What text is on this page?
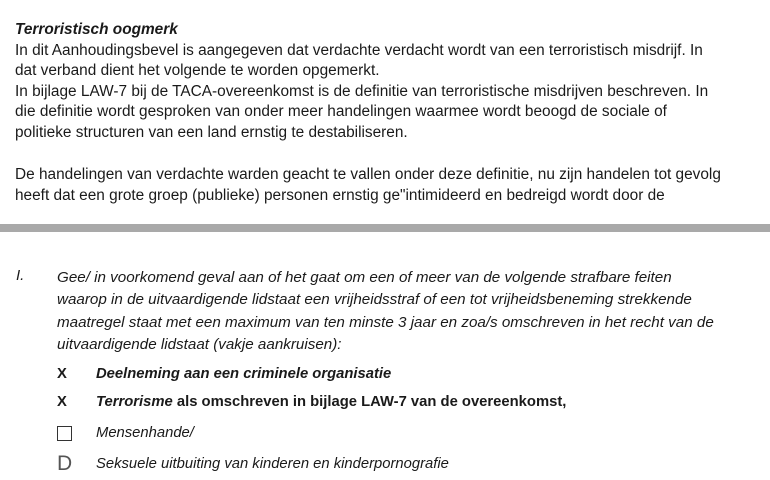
Terroristisch oogmerk
In dit Aanhoudingsbevel is aangegeven dat verdachte verdacht wordt van een terroristisch misdrijf. In
dat verband dient het volgende te worden opgemerkt.
In bijlage LAW-7 bij de TACA-overeenkomst is de definitie van terroristische misdrijven beschreven. In
die definitie wordt gesproken van onder meer handelingen waarmee wordt beoogd de sociale of
politieke structuren van een land ernstig te destabiliseren.
De handelingen van verdachte warden geacht te vallen onder deze definitie, nu zijn handelen tot gevolg
heeft dat een grote groep (publieke) personen ernstig ge"intimideerd en bedreigd wordt door de
I. Gee/ in voorkomend geval aan of het gaat om een of meer van de volgende strafbare feiten
waarop in de uitvaardigende lidstaat een vrijheidsstraf of een tot vrijheidsbeneming strekkende
maatregel staat met een maximum van ten minste 3 jaar en zoa/s omschreven in het recht van de
uitvaardigende lidstaat (vakje aankruisen):
X	Deelneming aan een criminele organisatie
X	Terrorisme als omschreven in bijlage LAW-7 van de overeenkomst,
Mensenhande/
D Seksuele uitbuiting van kinderen en kinderpornografie
